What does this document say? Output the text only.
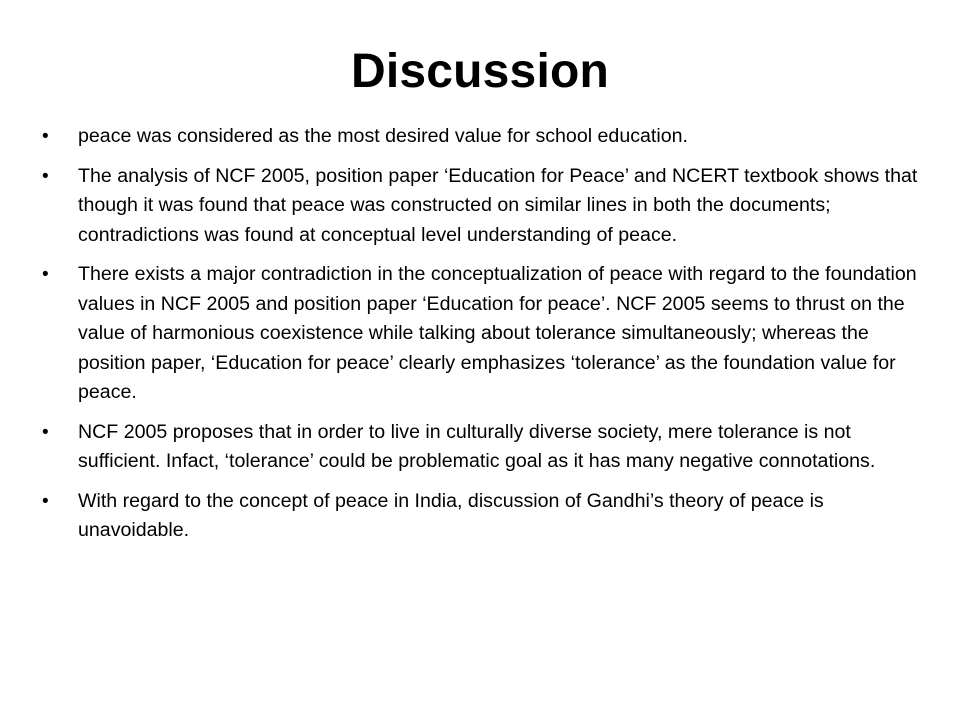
Discussion
• peace was considered as the most desired value for school education.
• The analysis of NCF 2005, position paper ‘Education for Peace’ and NCERT textbook shows that though it was found that peace was constructed on similar lines in both the documents; contradictions was found at conceptual level understanding of peace.
• There exists a major contradiction in the conceptualization of peace with regard to the foundation values in NCF 2005 and position paper ‘Education for peace’. NCF 2005 seems to thrust on the value of harmonious coexistence while talking about tolerance simultaneously; whereas the position paper, ‘Education for peace’ clearly emphasizes ‘tolerance’ as the foundation value for peace.
• NCF 2005 proposes that in order to live in culturally diverse society, mere tolerance is not sufficient. Infact, ‘tolerance’ could be problematic goal as it has many negative connotations.
• With regard to the concept of peace in India, discussion of Gandhi’s theory of peace is unavoidable.
